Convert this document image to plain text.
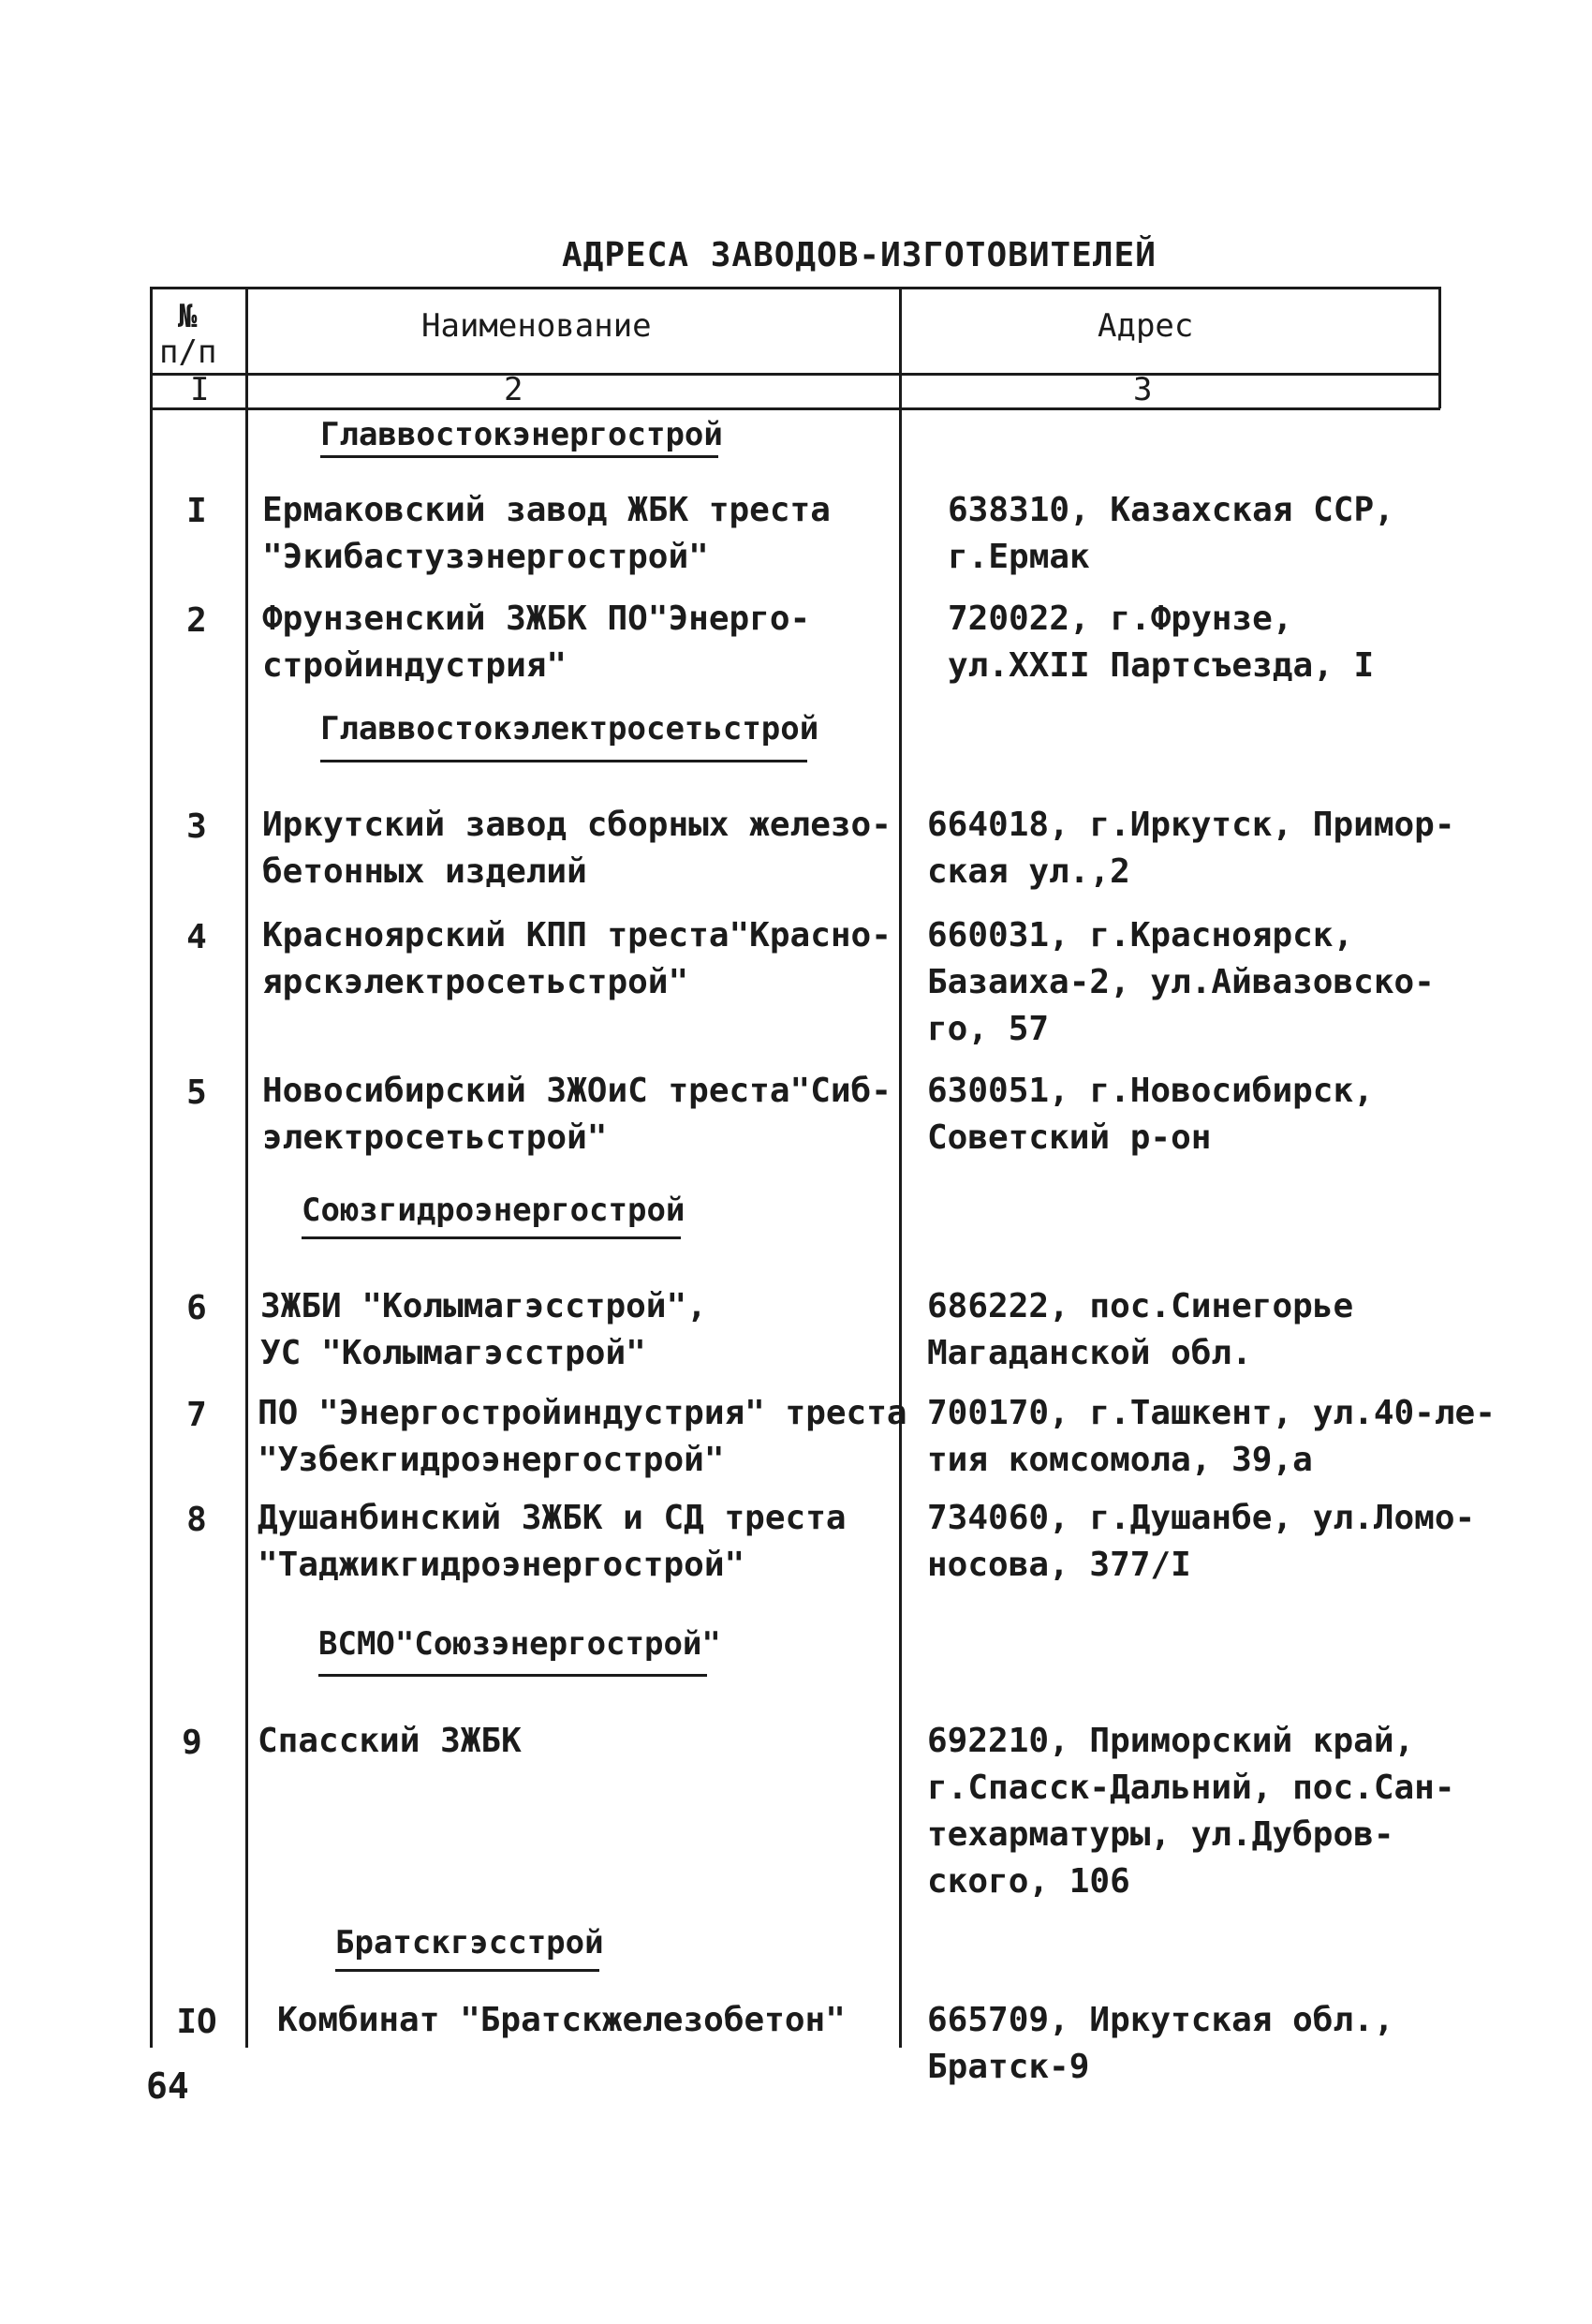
АДРЕСА ЗАВОДОВ-ИЗГОТОВИТЕЛЕЙ
№
п/п
Наименование	Адрес
I	2	3
Главвостокэнергострой
Главвостокэлектросетьстрой
Союзгидроэнергострой
ВСМО"Союзэнергострой"
Братскгэсстрой
I	Ермаковский завод ЖБК треста
"Экибастузэнергострой"
638310, Казахская ССР,
г.Ермак
2	Фрунзенский ЗЖБК ПО"Энерго-
стройиндустрия"
720022, г.Фрунзе,
ул.XXII Партсъезда, I
3	Иркутский завод сборных железо-
бетонных изделий
664018, г.Иркутск, Примор-
ская ул.,2
4	Красноярский КПП треста"Красно-
ярскэлектросетьстрой"
660031, г.Красноярск,
Базаиха-2, ул.Айвазовско-
го, 57
5	Новосибирский ЗЖОиС треста"Сиб-
электросетьстрой"
630051, г.Новосибирск,
Советский р-он
6	ЗЖБИ "Колымагэсстрой",
УС "Колымагэсстрой"
686222, пос.Синегорье
Магаданской обл.
7	ПО "Энергостройиндустрия" треста
"Узбекгидроэнергострой"
700170, г.Ташкент, ул.40-ле-
тия комсомола, 39,а
8	Душанбинский ЗЖБК и СД треста
"Таджикгидроэнергострой"
734060, г.Душанбе, ул.Ломо-
носова, 377/I
9	Спасский ЗЖБК	692210, Приморский край,
г.Спасск-Дальний, пос.Сан-
техарматуры, ул.Дубров-
ского, 106
IO Комбинат "Братскжелезобетон" 665709, Иркутская обл.,
Братск-9
64
